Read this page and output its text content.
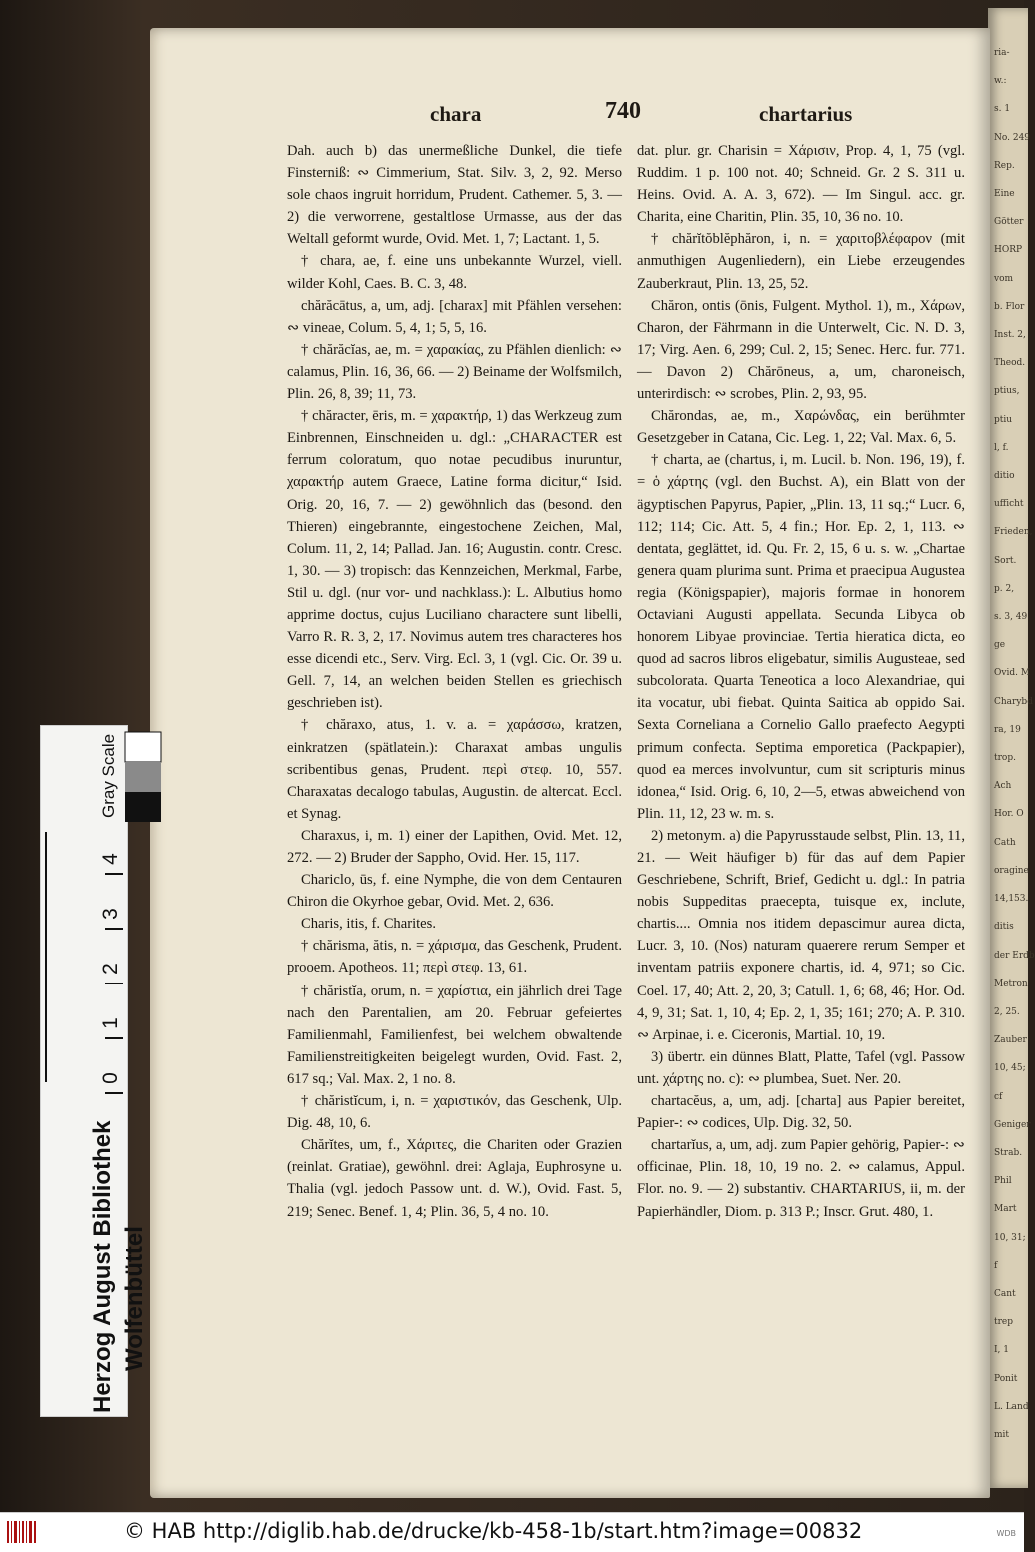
ria-
w.:
s. 1
No. 249
Rep.
Eine
Götter
HORP
vom
b. Flor
Inst. 2,
Theod.
ptius,
ptiu
l, f.
ditio
ufficht
Frieden,
Sort.
p. 2,
s. 3, 49
ge
Ovid. M
Charybd
ra, 19
trop.
Ach
Hor. O
Cath
oragine
14,153.
ditis
der Erdb
Metron
2, 25.
Zauber
10, 45;
cf
Geniger
Strab.
Phil
Mart
10, 31;
f
Cant
trep
I, 1
Ponit
L. Land
mit
chara	740	chartarius

Dah. auch b) das unermeßliche Dunkel, die tiefe Finsterniß: ∾ Cimmerium, Stat. Silv. 3, 2, 92. Merso sole chaos ingruit horridum, Prudent. Cathemer. 5, 3. — 2) die verworrene, gestaltlose Urmasse, aus der das Weltall geformt wurde, Ovid. Met. 1, 7; Lactant. 1, 5.

† chara, ae, f. eine uns unbekannte Wurzel, viell. wilder Kohl, Caes. B. C. 3, 48.

chărăcātus, a, um, adj. [charax] mit Pfählen versehen: ∾ vineae, Colum. 5, 4, 1; 5, 5, 16.

† chărăcĭas, ae, m. = χαρακίας, zu Pfählen dienlich: ∾ calamus, Plin. 16, 36, 66. — 2) Beiname der Wolfsmilch, Plin. 26, 8, 39; 11, 73.

† chăracter, ēris, m. = χαρακτήρ, 1) das Werkzeug zum Einbrennen, Einschneiden u. dgl.: „CHARACTER est ferrum coloratum, quo notae pecudibus inuruntur, χαρακτήρ autem Graece, Latine forma dicitur,“ Isid. Orig. 20, 16, 7. — 2) gewöhnlich das (besond. den Thieren) eingebrannte, eingestochene Zeichen, Mal, Colum. 11, 2, 14; Pallad. Jan. 16; Augustin. contr. Cresc. 1, 30. — 3) tropisch: das Kennzeichen, Merkmal, Farbe, Stil u. dgl. (nur vor- und nachklass.): L. Albutius homo apprime doctus, cujus Luciliano charactere sunt libelli, Varro R. R. 3, 2, 17. Novimus autem tres characteres hos esse dicendi etc., Serv. Virg. Ecl. 3, 1 (vgl. Cic. Or. 39 u. Gell. 7, 14, an welchen beiden Stellen es griechisch geschrieben ist).

† chăraxo, atus, 1. v. a. = χαράσσω, kratzen, einkratzen (spätlatein.): Charaxat ambas ungulis scribentibus genas, Prudent. περὶ στεφ. 10, 557. Charaxatas decalogo tabulas, Augustin. de altercat. Eccl. et Synag.

Charaxus, i, m. 1) einer der Lapithen, Ovid. Met. 12, 272. — 2) Bruder der Sappho, Ovid. Her. 15, 117.

Chariclo, ūs, f. eine Nymphe, die von dem Centauren Chiron die Okyrhoe gebar, Ovid. Met. 2, 636.

Charis, itis, f. Charites.

† chărisma, ătis, n. = χάρισμα, das Geschenk, Prudent. prooem. Apotheos. 11; περὶ στεφ. 13, 61.

† chăristĭa, orum, n. = χαρίστια, ein jährlich drei Tage nach den Parentalien, am 20. Februar gefeiertes Familienmahl, Familienfest, bei welchem obwaltende Familienstreitigkeiten beigelegt wurden, Ovid. Fast. 2, 617 sq.; Val. Max. 2, 1 no. 8.

† chăristĭcum, i, n. = χαριστικόν, das Geschenk, Ulp. Dig. 48, 10, 6.

Chărĭtes, um, f., Χάριτες, die Chariten oder Grazien (reinlat. Gratiae), gewöhnl. drei: Aglaja, Euphrosyne u. Thalia (vgl. jedoch Passow unt. d. W.), Ovid. Fast. 5, 219; Senec. Benef. 1, 4; Plin. 36, 5, 4 no. 10.

dat. plur. gr. Charisin = Χάρισιν, Prop. 4, 1, 75 (vgl. Ruddim. 1 p. 100 not. 40; Schneid. Gr. 2 S. 311 u. Heins. Ovid. A. A. 3, 672). — Im Singul. acc. gr. Charita, eine Charitin, Plin. 35, 10, 36 no. 10.

† chărĭtŏblĕphăron, i, n. = χαριτοβλέφαρον (mit anmuthigen Augenliedern), ein Liebe erzeugendes Zauberkraut, Plin. 13, 25, 52.

Chăron, ontis (ōnis, Fulgent. Mythol. 1), m., Χάρων, Charon, der Fährmann in die Unterwelt, Cic. N. D. 3, 17; Virg. Aen. 6, 299; Cul. 2, 15; Senec. Herc. fur. 771. — Davon 2) Chărōneus, a, um, charoneisch, unterirdisch: ∾ scrobes, Plin. 2, 93, 95.

Chărondas, ae, m., Χαρώνδας, ein berühmter Gesetzgeber in Catana, Cic. Leg. 1, 22; Val. Max. 6, 5.

† charta, ae (chartus, i, m. Lucil. b. Non. 196, 19), f. = ὁ χάρτης (vgl. den Buchst. A), ein Blatt von der ägyptischen Papyrus, Papier, „Plin. 13, 11 sq.;“ Lucr. 6, 112; 114; Cic. Att. 5, 4 fin.; Hor. Ep. 2, 1, 113. ∾ dentata, geglättet, id. Qu. Fr. 2, 15, 6 u. s. w. „Chartae genera quam plurima sunt. Prima et praecipua Augustea regia (Königspapier), majoris formae in honorem Octaviani Augusti appellata. Secunda Libyca ob honorem Libyae provinciae. Tertia hieratica dicta, eo quod ad sacros libros eligebatur, similis Augusteae, sed subcolorata. Quarta Teneotica a loco Alexandriae, qui ita vocatur, ubi fiebat. Quinta Saitica ab oppido Sai. Sexta Corneliana a Cornelio Gallo praefecto Aegypti primum confecta. Septima emporetica (Packpapier), quod ea merces involvuntur, cum sit scripturis minus idonea,“ Isid. Orig. 6, 10, 2—5, etwas abweichend von Plin. 11, 12, 23 w. m. s.

2) metonym. a) die Papyrusstaude selbst, Plin. 13, 11, 21. — Weit häufiger b) für das auf dem Papier Geschriebene, Schrift, Brief, Gedicht u. dgl.: In patria nobis Suppeditas praecepta, tuisque ex, inclute, chartis.... Omnia nos itidem depascimur aurea dicta, Lucr. 3, 10. (Nos) naturam quaerere rerum Semper et inventam patriis exponere chartis, id. 4, 971; so Cic. Coel. 17, 40; Att. 2, 20, 3; Catull. 1, 6; 68, 46; Hor. Od. 4, 9, 31; Sat. 1, 10, 4; Ep. 2, 1, 35; 161; 270; A. P. 310. ∾ Arpinae, i. e. Ciceronis, Martial. 10, 19.

3) übertr. ein dünnes Blatt, Platte, Tafel (vgl. Passow unt. χάρτης no. c): ∾ plumbea, Suet. Ner. 20.

chartacĕus, a, um, adj. [charta] aus Papier bereitet, Papier-: ∾ codices, Ulp. Dig. 32, 50.

chartarĭus, a, um, adj. zum Papier gehörig, Papier-: ∾ officinae, Plin. 18, 10, 19 no. 2. ∾ calamus, Appul. Flor. no. 9. — 2) substantiv. CHARTARIUS, ii, m. der Papierhändler, Diom. p. 313 P.; Inscr. Grut. 480, 1.

Gray Scale
Herzog August Bibliothek Wolfenbüttel
0
1
2
3
4
© HAB http://diglib.hab.de/drucke/kb-458-1b/start.htm?image=00832	WDB
